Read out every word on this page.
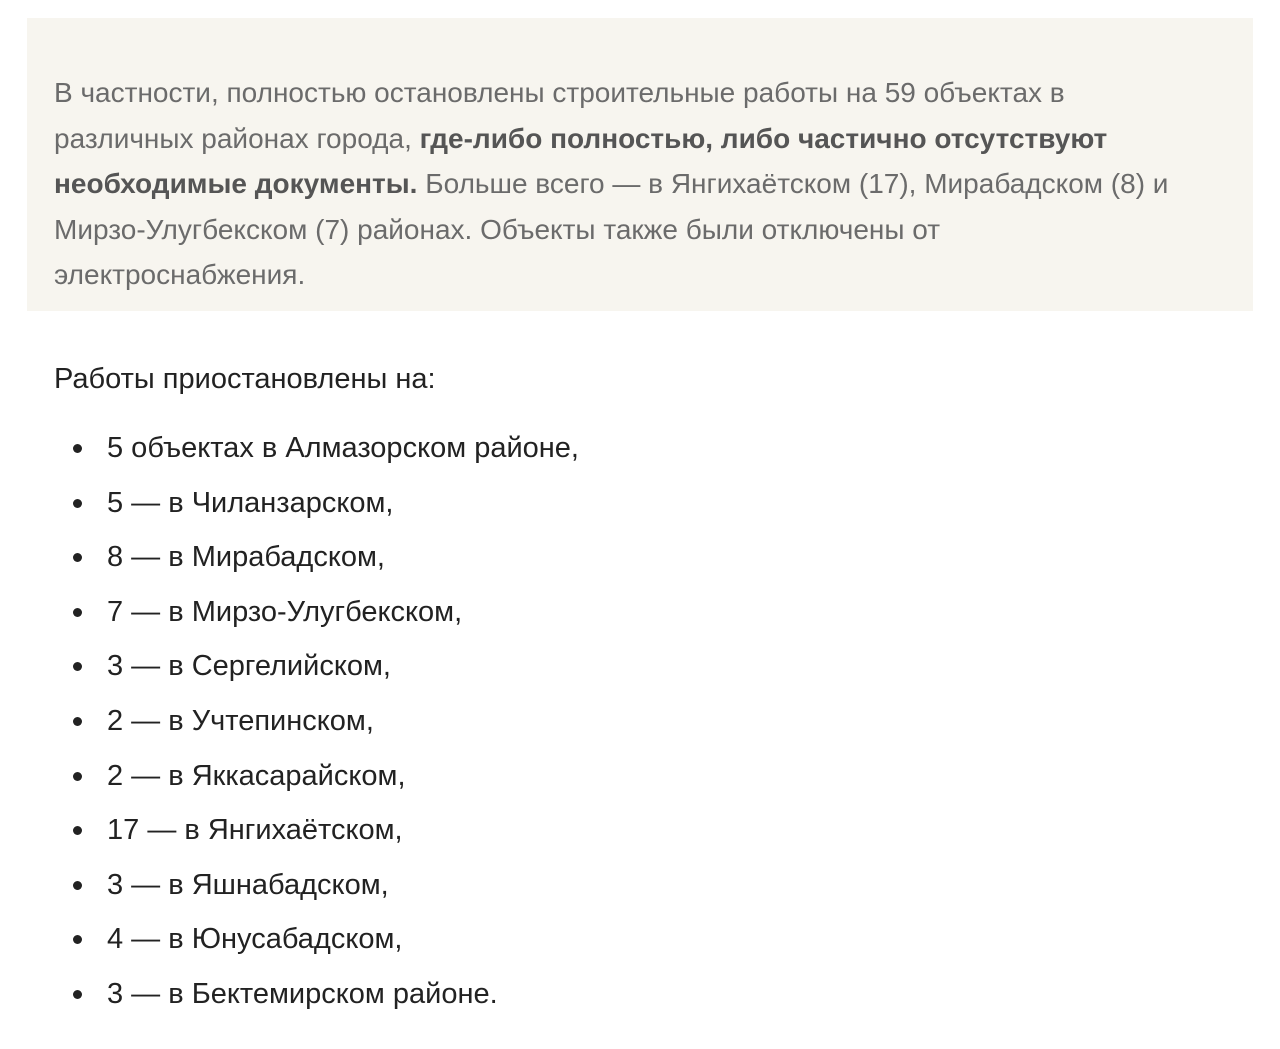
В частности, полностью остановлены строительные работы на 59 объектах в различных районах города, где-либо полностью, либо частично отсутствуют необходимые документы. Больше всего — в Янгихаётском (17), Мирабадском (8) и Мирзо-Улугбекском (7) районах. Объекты также были отключены от электроснабжения.

Работы приостановлены на:

5 объектах в Алмазорском районе,
5 — в Чиланзарском,
8 — в Мирабадском,
7 — в Мирзо-Улугбекском,
3 — в Сергелийском,
2 — в Учтепинском,
2 — в Яккасарайском,
17 — в Янгихаётском,
3 — в Яшнабадском,
4 — в Юнусабадском,
3 — в Бектемирском районе.
